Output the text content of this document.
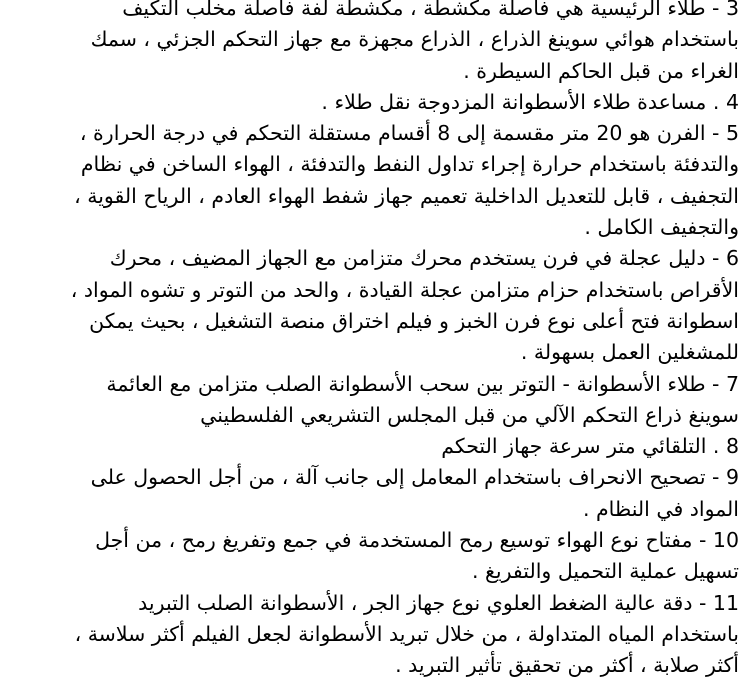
3 - طلاء الرئيسية هي فاصلة مكشطة ، مكشطة لفة فاصلة مخلب التكيف
باستخدام هوائي سوينغ الذراع ، الذراع مجهزة مع جهاز التحكم الجزئي ، سمك
الغراء من قبل الحاكم السيطرة .
4 . مساعدة طلاء الأسطوانة المزدوجة نقل طلاء .
5 - الفرن هو 20 متر مقسمة إلى 8 أقسام مستقلة التحكم في درجة الحرارة ،
والتدفئة باستخدام حرارة إجراء تداول النفط والتدفئة ، الهواء الساخن في نظام
التجفيف ، قابل للتعديل الداخلية تعميم جهاز شفط الهواء العادم ، الرياح القوية ،
والتجفيف الكامل .
6 - دليل عجلة في فرن يستخدم محرك متزامن مع الجهاز المضيف ، محرك
الأقراص باستخدام حزام متزامن عجلة القيادة ، والحد من التوتر و تشوه المواد ،
اسطوانة فتح أعلى نوع فرن الخبز و فيلم اختراق منصة التشغيل ، بحيث يمكن
للمشغلين العمل بسهولة .
7 - طلاء الأسطوانة - التوتر بين سحب الأسطوانة الصلب متزامن مع العائمة
سوينغ ذراع التحكم الآلي من قبل المجلس التشريعي الفلسطيني
8 . التلقائي متر سرعة جهاز التحكم
9 - تصحيح الانحراف باستخدام المعامل إلى جانب آلة ، من أجل الحصول على
المواد في النظام .
10 - مفتاح نوع الهواء توسيع رمح المستخدمة في جمع وتفريغ رمح ، من أجل
تسهيل عملية التحميل والتفريغ .
11 - دقة عالية الضغط العلوي نوع جهاز الجر ، الأسطوانة الصلب التبريد
باستخدام المياه المتداولة ، من خلال تبريد الأسطوانة لجعل الفيلم أكثر سلاسة ،
أكثر صلابة ، أكثر من تحقيق تأثير التبريد .
